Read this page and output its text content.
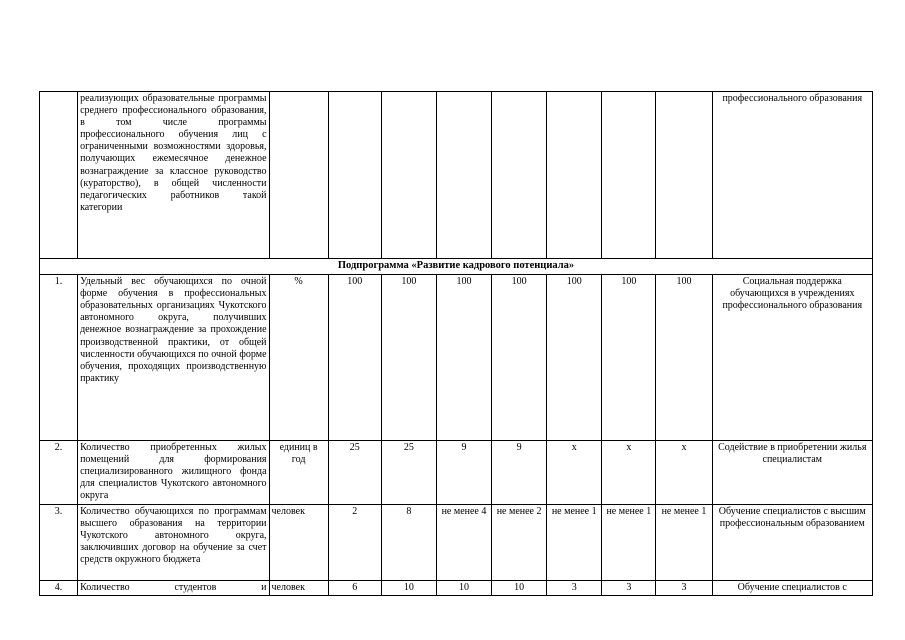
	реализующих образовательные программы среднего профессионального образования, в том числе программы профессионального обучения лиц с ограниченными возможностями здоровья, получающих ежемесячное денежное вознаграждение за классное руководство (кураторство), в общей численности педагогических работников такой категории									профессионального образования
Подпрограмма «Развитие кадрового потенциала»										
1.	Удельный вес обучающихся по очной форме обучения в профессиональных образовательных организациях Чукотского автономного округа, получивших денежное вознаграждение за прохождение производственной практики, от общей численности обучающихся по очной форме обучения, проходящих производственную практику	%	100	100	100	100	100	100	100	Социальная поддержка обучающихся в учреждениях профессионального образования
2.	Количество приобретенных жилых помещений для формирования специализированного жилищного фонда для специалистов Чукотского автономного округа	единиц в год	25	25	9	9	x	x	x	Содействие в приобретении жилья специалистам
3.	Количество обучающихся по программам высшего образования на территории Чукотского автономного округа, заключивших договор на обучение за счет средств окружного бюджета	человек	2	8	не менее 4	не менее 2	не менее 1	не менее 1	не менее 1	Обучение специалистов с высшим профессиональным образованием
4.	Количество студентов и	человек	6	10	10	10	3	3	3	Обучение специалистов с
